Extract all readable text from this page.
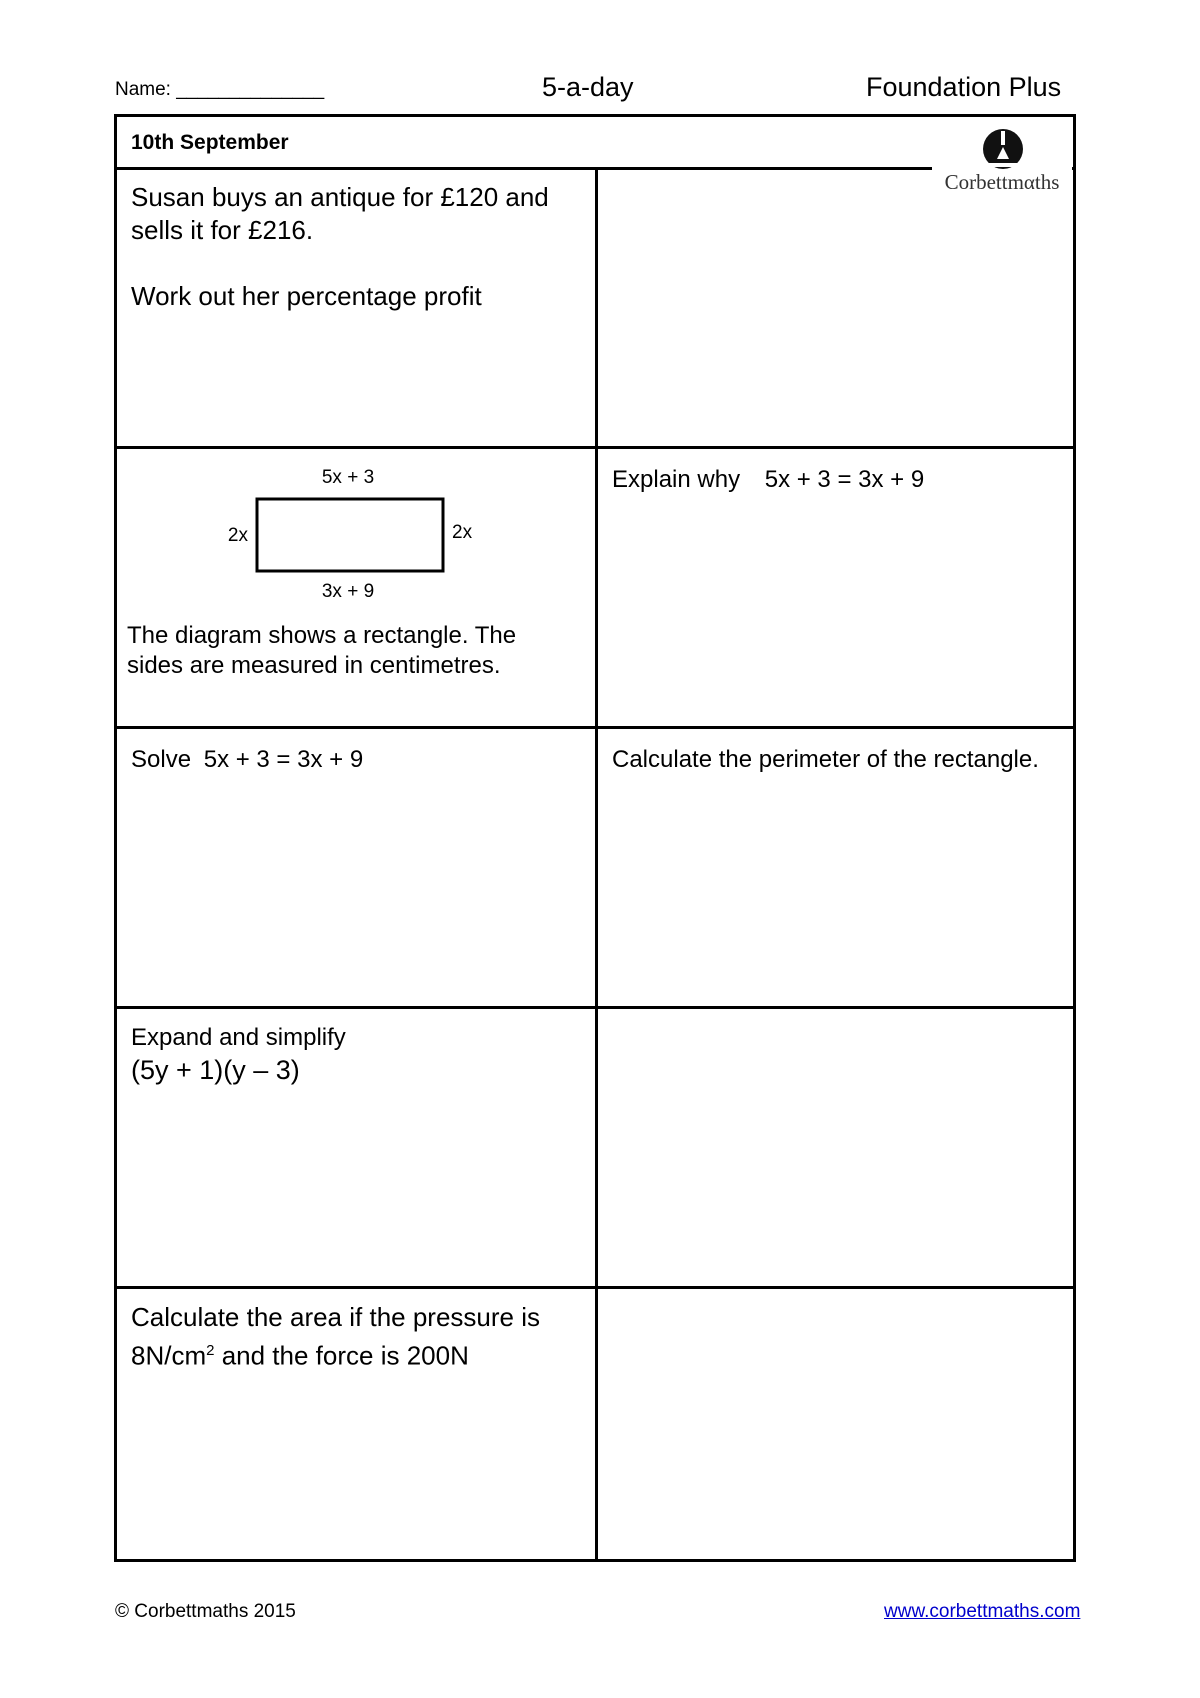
Name: ______________	5-a-day	Foundation Plus
10th September
Corbettmαths
Susan buys an antique for £120 and sells it for £216.
Work out her percentage profit
5x + 3
3x + 9
2x	2x
The diagram shows a rectangle. The sides are measured in centimetres.
Explain why 5x + 3 = 3x + 9
Solve 5x + 3 = 3x + 9	Calculate the perimeter of the rectangle.
Expand and simplify
(5y + 1)(y – 3)
Calculate the area if the pressure is $8N/cm^2$ and the force is 200N
© Corbettmaths 2015	www.corbettmaths.com
